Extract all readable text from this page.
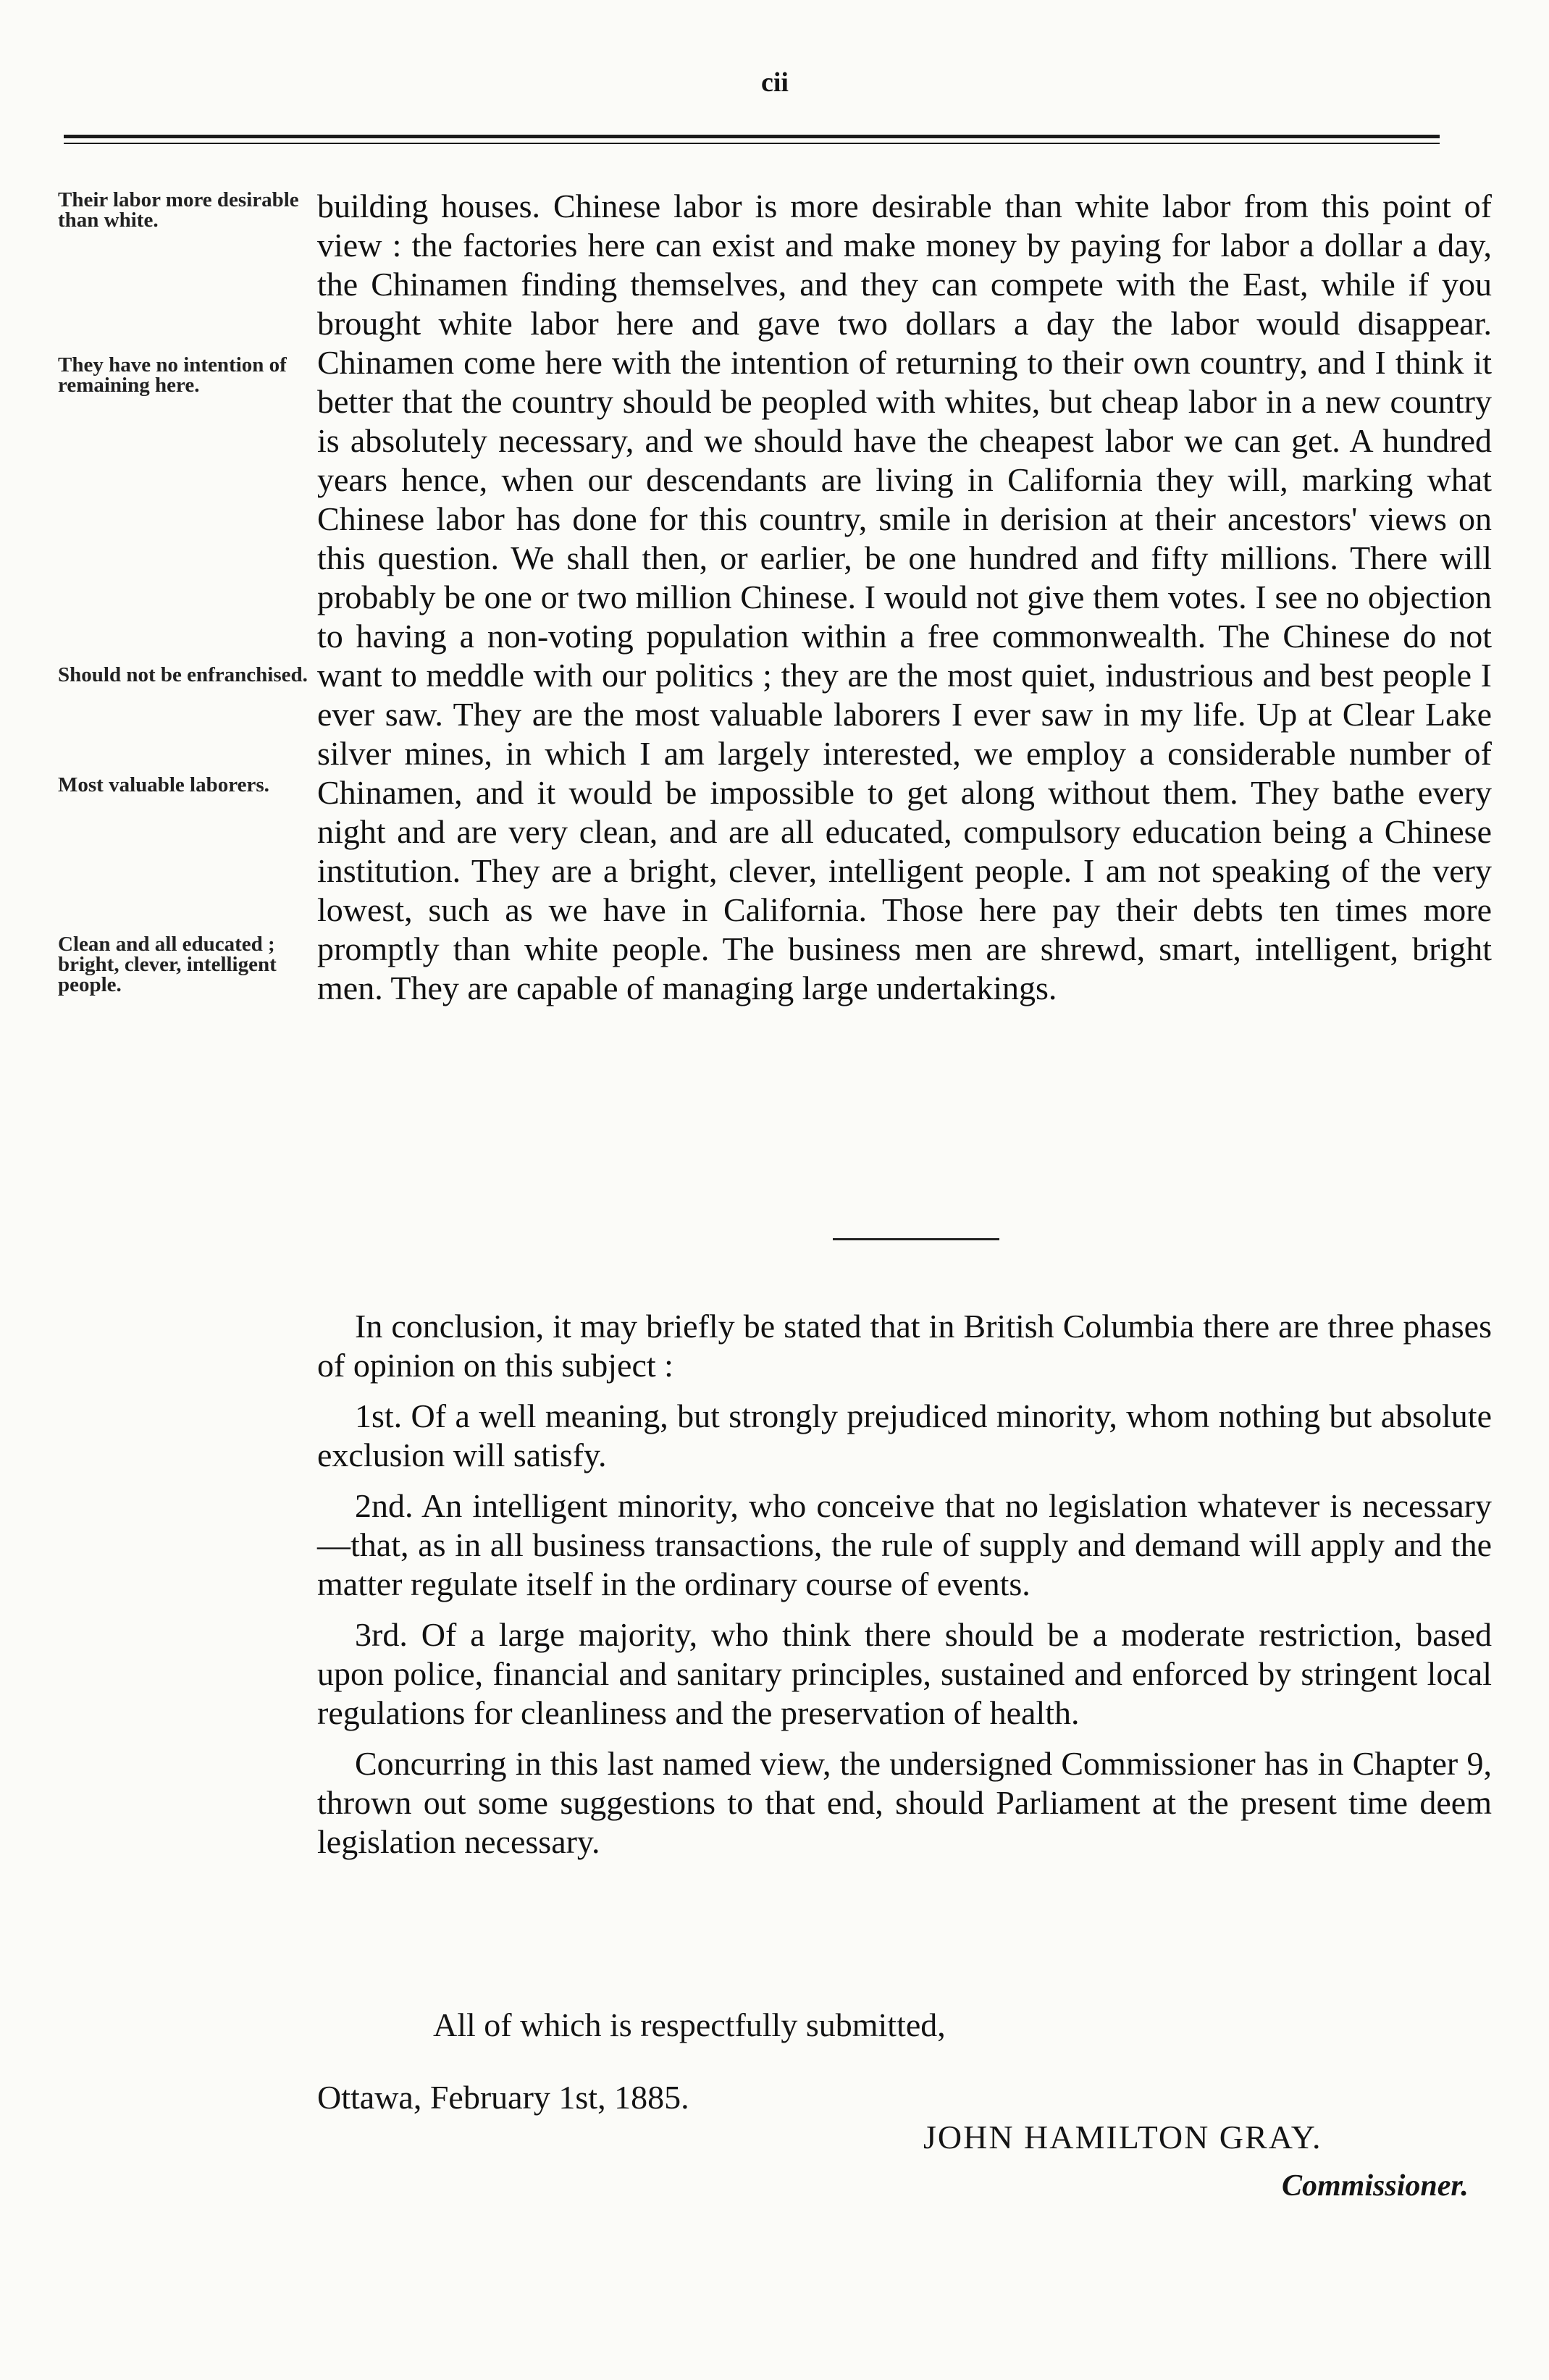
cii
Their labor more desirable than white.
They have no intention of remaining here.
Should not be enfranchised.
Most valuable laborers.
Clean and all educated ; bright, clever, intelligent people.
building houses. Chinese labor is more desirable than white labor from this point of view : the factories here can exist and make money by paying for labor a dollar a day, the Chinamen finding themselves, and they can compete with the East, while if you brought white labor here and gave two dollars a day the labor would disappear. Chinamen come here with the intention of returning to their own country, and I think it better that the country should be peopled with whites, but cheap labor in a new country is absolutely necessary, and we should have the cheapest labor we can get. A hundred years hence, when our descendants are living in California they will, marking what Chinese labor has done for this country, smile in derision at their ancestors' views on this question. We shall then, or earlier, be one hundred and fifty millions. There will probably be one or two million Chinese. I would not give them votes. I see no objection to having a non-voting population within a free commonwealth. The Chinese do not want to meddle with our politics ; they are the most quiet, industrious and best people I ever saw. They are the most valuable laborers I ever saw in my life. Up at Clear Lake silver mines, in which I am largely interested, we employ a considerable number of Chinamen, and it would be impossible to get along without them. They bathe every night and are very clean, and are all educated, compulsory education being a Chinese institution. They are a bright, clever, intelligent people. I am not speaking of the very lowest, such as we have in California. Those here pay their debts ten times more promptly than white people. The business men are shrewd, smart, intelligent, bright men. They are capable of managing large undertakings.

In conclusion, it may briefly be stated that in British Columbia there are three phases of opinion on this subject :

1st. Of a well meaning, but strongly prejudiced minority, whom nothing but absolute exclusion will satisfy.

2nd. An intelligent minority, who conceive that no legislation whatever is necessary—that, as in all business transactions, the rule of supply and demand will apply and the matter regulate itself in the ordinary course of events.

3rd. Of a large majority, who think there should be a moderate restriction, based upon police, financial and sanitary principles, sustained and enforced by stringent local regulations for cleanliness and the preservation of health.

Concurring in this last named view, the undersigned Commissioner has in Chapter 9, thrown out some suggestions to that end, should Parliament at the present time deem legislation necessary.

All of which is respectfully submitted,
Ottawa, February 1st, 1885.
JOHN HAMILTON GRAY.
Commissioner.
